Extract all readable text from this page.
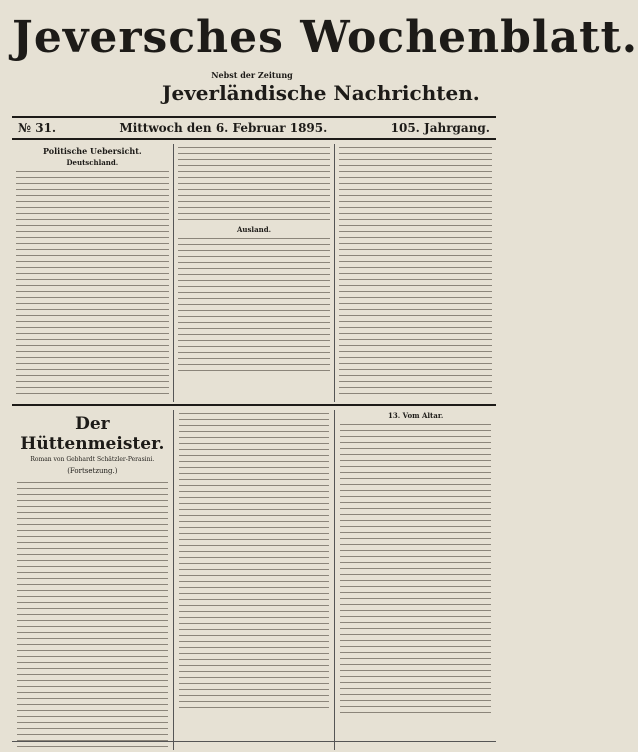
Jeversches Wochenblatt.
Nebst der Zeitung
Jeverländische Nachrichten.
№ 31.	Mittwoch den 6. Februar 1895.	105. Jahrgang.
Politische Uebersicht.
Deutschland.
Ausland.
Der Hüttenmeister.
Roman von Gebhardt Schätzler-Perasini.
(Fortsetzung.)
13. Vom Altar.
